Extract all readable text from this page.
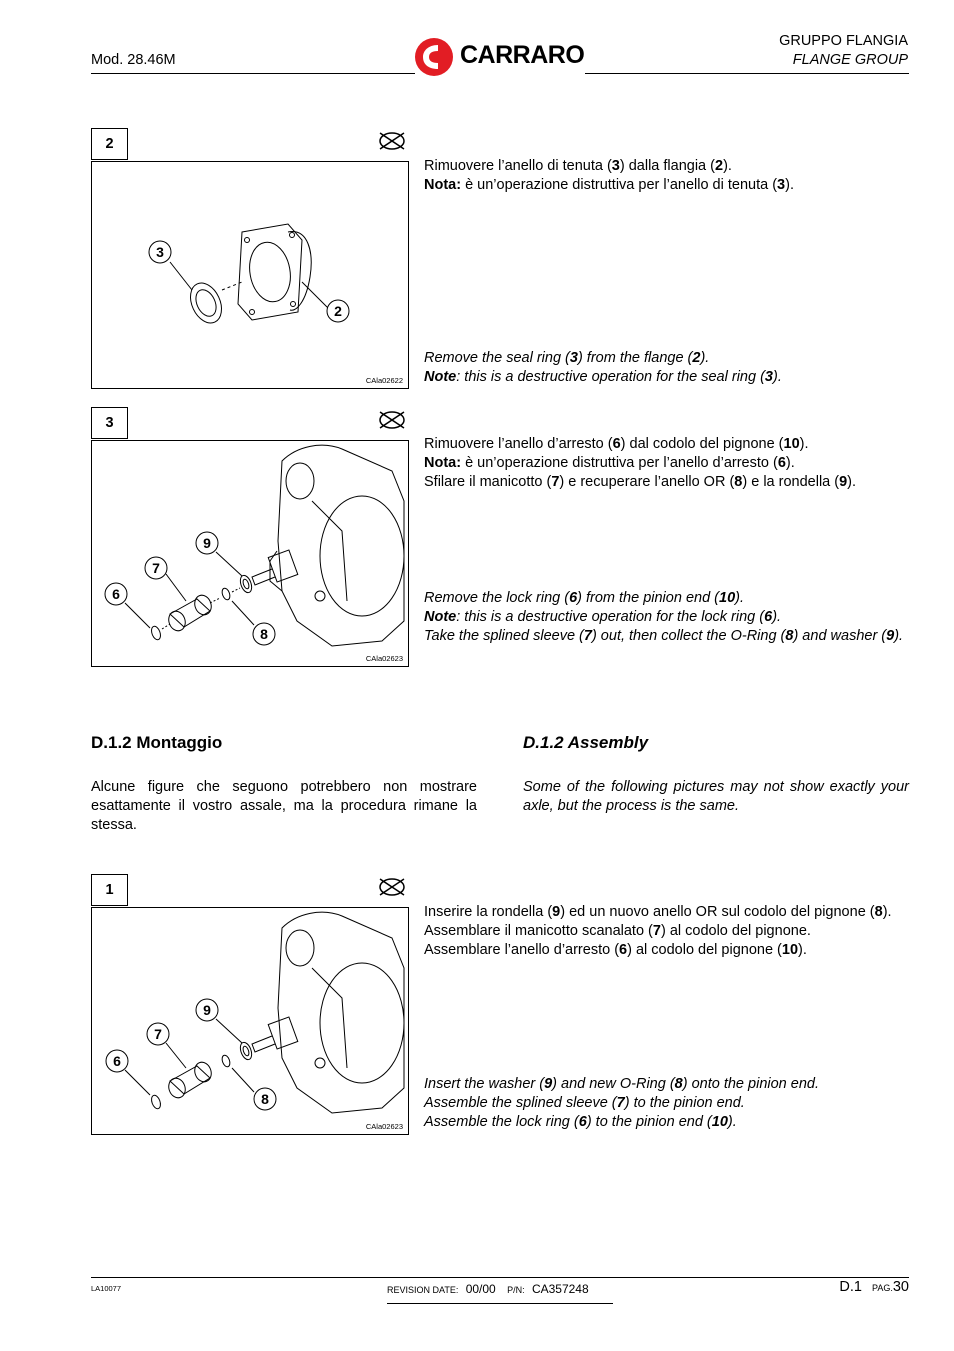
Mod. 28.46M	CARRARO	GRUPPO FLANGIA
FLANGE GROUP
2
3
2
CAla02622
Rimuovere l’anello di tenuta (3) dalla flangia (2).
Nota: è un’operazione distruttiva per l’anello di tenuta (3).
Remove the seal ring (3) from the flange (2).
Note: this is a destructive operation for the seal ring (3).
3
9
7
6
8
CAla02623
Rimuovere l’anello d’arresto (6) dal codolo del pignone (10).
Nota: è un’operazione distruttiva per l’anello d’arresto (6).
Sfilare il manicotto (7) e recuperare l’anello OR (8) e la rondella (9).
Remove the lock ring (6) from the pinion end (10).
Note: this is a destructive operation for the lock ring (6).
Take the splined sleeve (7) out, then collect the O-Ring (8) and washer (9).
D.1.2 Montaggio	D.1.2 Assembly
Alcune figure che seguono potrebbero non mostrare esattamente il vostro assale, ma la procedura rimane la stessa.
Some of the following pictures may not show exactly your axle, but the process is the same.
1
9
7
6
8
CAla02623
Inserire la rondella (9) ed un nuovo anello OR sul codolo del pignone (8).
Assemblare il manicotto scanalato (7) al codolo del pignone.
Assemblare l’anello d’arresto (6) al codolo del pignone (10).
Insert the washer (9) and new O-Ring (8) onto the pinion end.
Assemble the splined sleeve (7) to the pinion end.
Assemble the lock ring (6) to the pinion end (10).
LA10077	REVISION DATE: 00/00 P/N: CA357248	D.1 PAG.30
